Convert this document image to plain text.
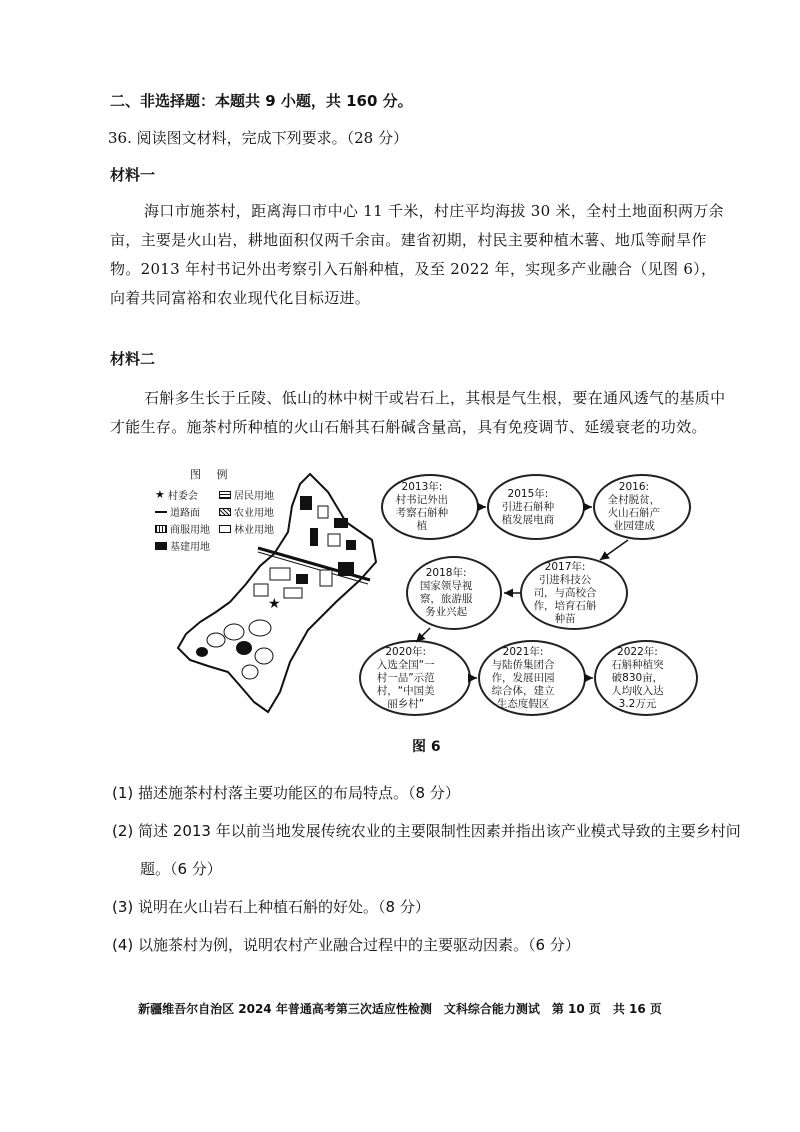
二、非选择题：本题共 9 小题，共 160 分。
36. 阅读图文材料，完成下列要求。（28 分）
材料一
海口市施茶村，距离海口市中心 11 千米，村庄平均海拔 30 米，全村土地面积两万余亩，主要是火山岩，耕地面积仅两千余亩。建省初期，村民主要种植木薯、地瓜等耐旱作物。2013 年村书记外出考察引入石斛种植，及至 2022 年，实现多产业融合（见图 6），向着共同富裕和农业现代化目标迈进。
材料二
石斛多生长于丘陵、低山的林中树干或岩石上，其根是气生根，要在通风透气的基质中才能生存。施茶村所种植的火山石斛其石斛碱含量高，具有免疫调节、延缓衰老的功效。
图 例
★ 村委会	居民用地
道路面	农业用地
商服用地 林业用地
基建用地
★
2013年:
村书记外出考察石斛种植
2015年:
引进石斛种植发展电商
2016:
全村脱贫，火山石斛产业园建成
2017年:
引进科技公司，与高校合作，培育石斛种苗
2018年:
国家领导视察，旅游服务业兴起
2020年:
入选全国“一村一品”示范村，“中国美丽乡村”
2021年:
与陆侨集团合作，发展田园综合体，建立生态度假区
2022年:
石斛种植突破830亩，人均收入达3.2万元
图 6
(1) 描述施茶村村落主要功能区的布局特点。（8 分）
(2) 简述 2013 年以前当地发展传统农业的主要限制性因素并指出该产业模式导致的主要乡村问
题。（6 分）
(3) 说明在火山岩石上种植石斛的好处。（8 分）
(4) 以施茶村为例，说明农村产业融合过程中的主要驱动因素。（6 分）
新疆维吾尔自治区 2024 年普通高考第三次适应性检测　文科综合能力测试　第 10 页　共 16 页
